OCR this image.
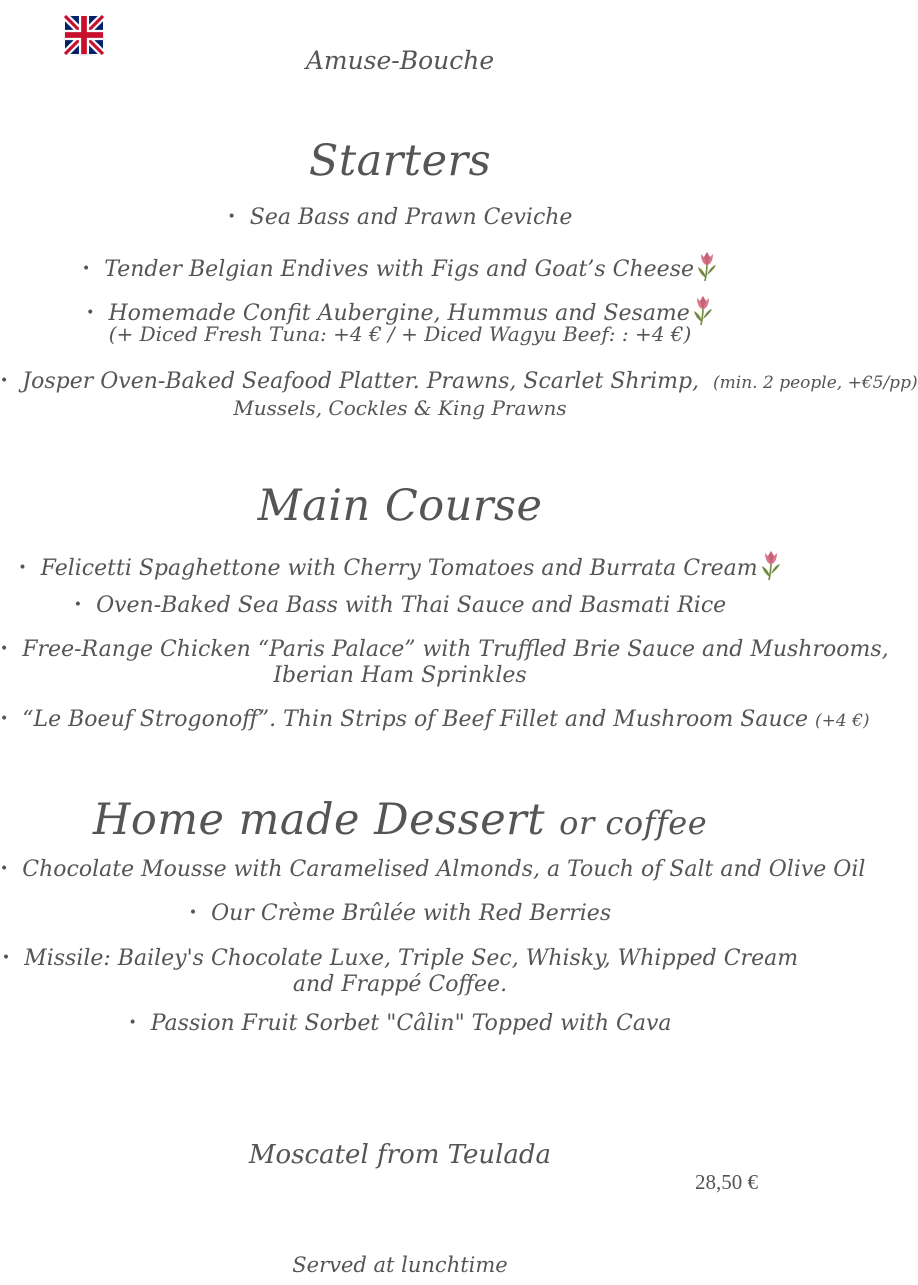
Amuse-Bouche
Starters
• Sea Bass and Prawn Ceviche
• Tender Belgian Endives with Figs and Goat’s Cheese
• Homemade Confit Aubergine, Hummus and Sesame
(+ Diced Fresh Tuna: +4 € / + Diced Wagyu Beef: : +4 €)
• Josper Oven-Baked Seafood Platter. Prawns, Scarlet Shrimp, (min. 2 people, +€5/pp)
Mussels, Cockles & King Prawns
Main Course
• Felicetti Spaghettone with Cherry Tomatoes and Burrata Cream
• Oven-Baked Sea Bass with Thai Sauce and Basmati Rice
• Free-Range Chicken “Paris Palace” with Truffled Brie Sauce and Mushrooms,
Iberian Ham Sprinkles
• “Le Boeuf Strogonoff”. Thin Strips of Beef Fillet and Mushroom Sauce (+4 €)
Home made Dessert or coffee
• Chocolate Mousse with Caramelised Almonds, a Touch of Salt and Olive Oil
• Our Crème Brûlée with Red Berries
• Missile: Bailey's Chocolate Luxe, Triple Sec, Whisky, Whipped Cream
and Frappé Coffee.
• Passion Fruit Sorbet "Câlin" Topped with Cava
Moscatel from Teulada
28,50 €
Served at lunchtime
